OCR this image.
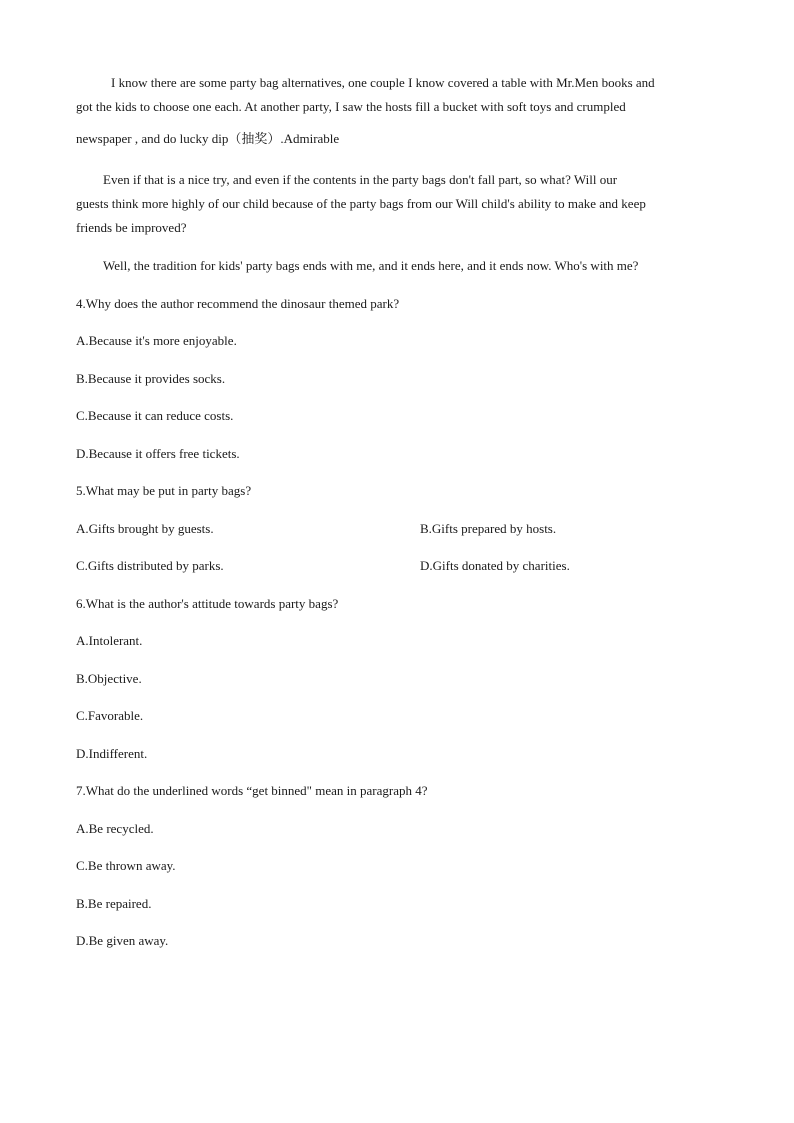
I know there are some party bag alternatives, one couple I know covered a table with Mr.Men books and
got the kids to choose one each. At another party, I saw the hosts fill a bucket with soft toys and crumpled
newspaper , and do lucky dip（抽奖）.Admirable
Even if that is a nice try, and even if the contents in the party bags don't fall part, so what? Will our
guests think more highly of our child because of the party bags from our Will child's ability to make and keep
friends be improved?
Well, the tradition for kids' party bags ends with me, and it ends here, and it ends now. Who's with me?
4.Why does the author recommend the dinosaur themed park?
A.Because it's more enjoyable.
B.Because it provides socks.
C.Because it can reduce costs.
D.Because it offers free tickets.
5.What may be put in party bags?
A.Gifts brought by guests.	B.Gifts prepared by hosts.
C.Gifts distributed by parks.	D.Gifts donated by charities.
6.What is the author's attitude towards party bags?
A.Intolerant.
B.Objective.
C.Favorable.
D.Indifferent.
7.What do the underlined words “get binned" mean in paragraph 4?
A.Be recycled.
C.Be thrown away.
B.Be repaired.
D.Be given away.
